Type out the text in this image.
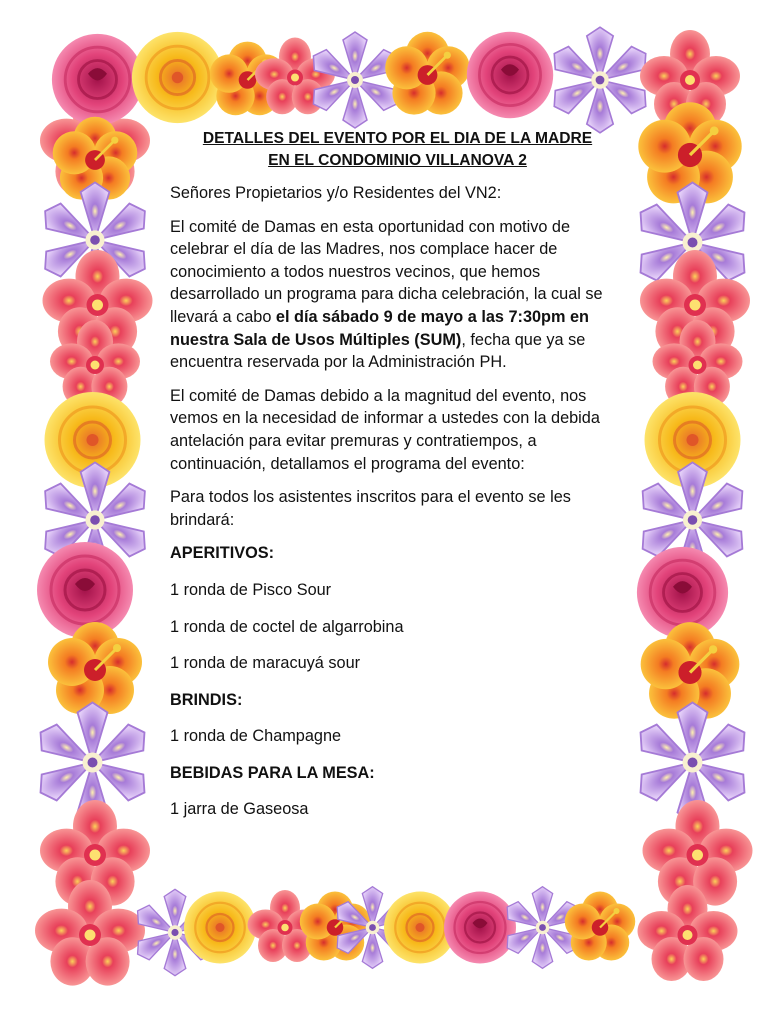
DETALLES DEL EVENTO POR EL DIA DE LA MADRE
EN EL CONDOMINIO VILLANOVA 2

Señores Propietarios y/o Residentes del VN2:

El comité de Damas en esta oportunidad con motivo de celebrar el día de las Madres, nos complace hacer de conocimiento a todos nuestros vecinos, que hemos desarrollado un programa para dicha celebración, la cual se llevará a cabo el día sábado 9 de mayo a las 7:30pm en nuestra Sala de Usos Múltiples (SUM), fecha que ya se encuentra reservada por la Administración PH.

El comité de Damas debido a la magnitud del evento, nos vemos en la necesidad de informar a ustedes con la debida antelación para evitar premuras y contratiempos, a continuación, detallamos el programa del evento:

Para todos los asistentes inscritos para el evento se les brindará:

APERITIVOS:

1 ronda de Pisco Sour

1 ronda de coctel de algarrobina

1 ronda de maracuyá sour

BRINDIS:

1 ronda de Champagne

BEBIDAS PARA LA MESA:

1 jarra de Gaseosa
